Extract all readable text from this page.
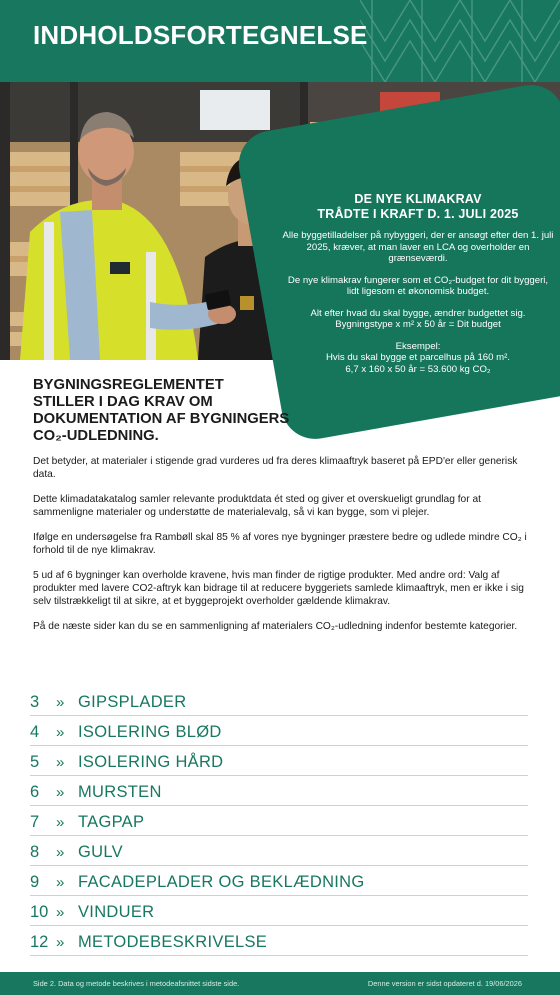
INDHOLDSFORTEGNELSE
DE NYE KLIMAKRAV
TRÅDTE I KRAFT D. 1. JULI 2025
Alle byggetilladelser på nybyggeri, der er ansøgt efter den 1. juli 2025, kræver, at man laver en LCA og overholder en grænseværdi.
De nye klimakrav fungerer som et CO₂-budget for dit byggeri, lidt ligesom et økonomisk budget.
Alt efter hvad du skal bygge, ændrer budgettet sig.
Bygningstype x m² x 50 år = Dit budget
Eksempel:
Hvis du skal bygge et parcelhus på 160 m².
6,7 x 160 x 50 år = 53.600 kg CO₂
BYGNINGSREGLEMENTET
STILLER I DAG KRAV OM
DOKUMENTATION AF BYGNINGERS
CO₂-UDLEDNING.

Det betyder, at materialer i stigende grad vurderes ud fra deres klimaaftryk baseret på EPD'er eller generisk data.

Dette klimadatakatalog samler relevante produktdata ét sted og giver et overskueligt grundlag for at sammenligne materialer og understøtte de materialevalg, så vi kan bygge, som vi plejer.

Ifølge en undersøgelse fra Rambøll skal 85 % af vores nye bygninger præstere bedre og udlede mindre CO₂ i forhold til de nye klimakrav.

5 ud af 6 bygninger kan overholde kravene, hvis man finder de rigtige produkter. Med andre ord: Valg af produkter med lavere CO2-aftryk kan bidrage til at reducere byggeriets samlede klimaaftryk, men er ikke i sig selv tilstrækkeligt til at sikre, at et byggeprojekt overholder gældende klimakrav.

På de næste sider kan du se en sammenligning af materialers CO₂-udledning indenfor bestemte kategorier.

3	» GIPSPLADER
4	» ISOLERING BLØD
5	» ISOLERING HÅRD
6	» MURSTEN
7	» TAGPAP
8	» GULV
9	» FACADEPLADER OG BEKLÆDNING
10 » VINDUER
12 » METODEBESKRIVELSE
Side 2. Data og metode beskrives i metodeafsnittet sidste side.	Denne version er sidst opdateret d. 19/06/2026
